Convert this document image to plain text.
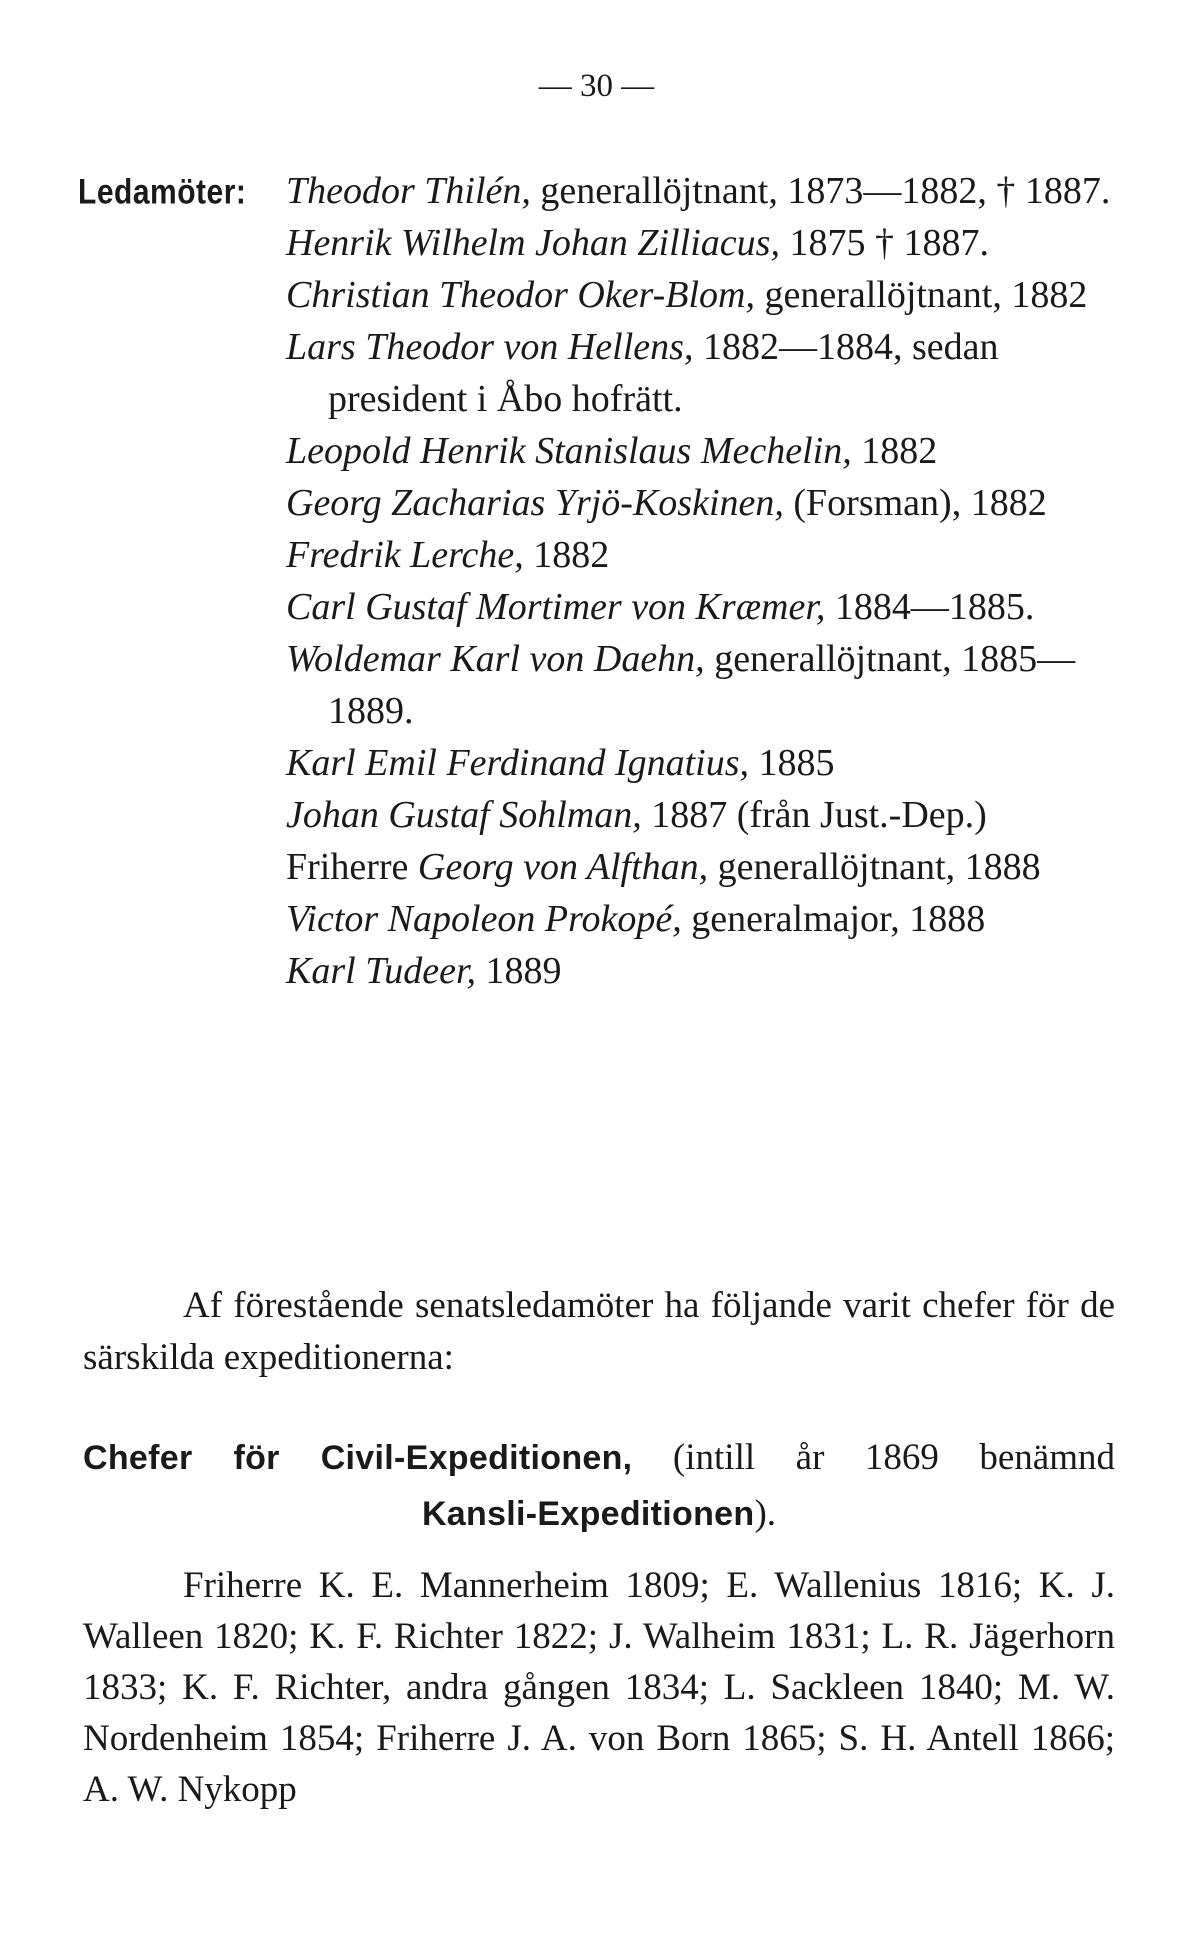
— 30 —
Ledamöter: Theodor Thilén, generallöjtnant, 1873—1882, † 1887.

Henrik Wilhelm Johan Zilliacus, 1875 † 1887.

Christian Theodor Oker-Blom, generallöjtnant, 1882

Lars Theodor von Hellens, 1882—1884, sedan president i Åbo hofrätt.

Leopold Henrik Stanislaus Mechelin, 1882

Georg Zacharias Yrjö-Koskinen, (Forsman), 1882

Fredrik Lerche, 1882

Carl Gustaf Mortimer von Kræmer, 1884—1885.

Woldemar Karl von Daehn, generallöjtnant, 1885—1889.

Karl Emil Ferdinand Ignatius, 1885

Johan Gustaf Sohlman, 1887 (från Just.-Dep.)

Friherre Georg von Alfthan, generallöjtnant, 1888

Victor Napoleon Prokopé, generalmajor, 1888

Karl Tudeer, 1889

Af förestående senatsledamöter ha följande varit chefer för de särskilda expeditionerna:

Chefer för Civil-Expeditionen, (intill år 1869 benämnd
Kansli-Expeditionen).

Friherre K. E. Mannerheim 1809; E. Wallenius 1816; K. J. Walleen 1820; K. F. Richter 1822; J. Walheim 1831; L. R. Jägerhorn 1833; K. F. Richter, andra gången 1834; L. Sackleen 1840; M. W. Nordenheim 1854; Friherre J. A. von Born 1865; S. H. Antell 1866; A. W. Nykopp
